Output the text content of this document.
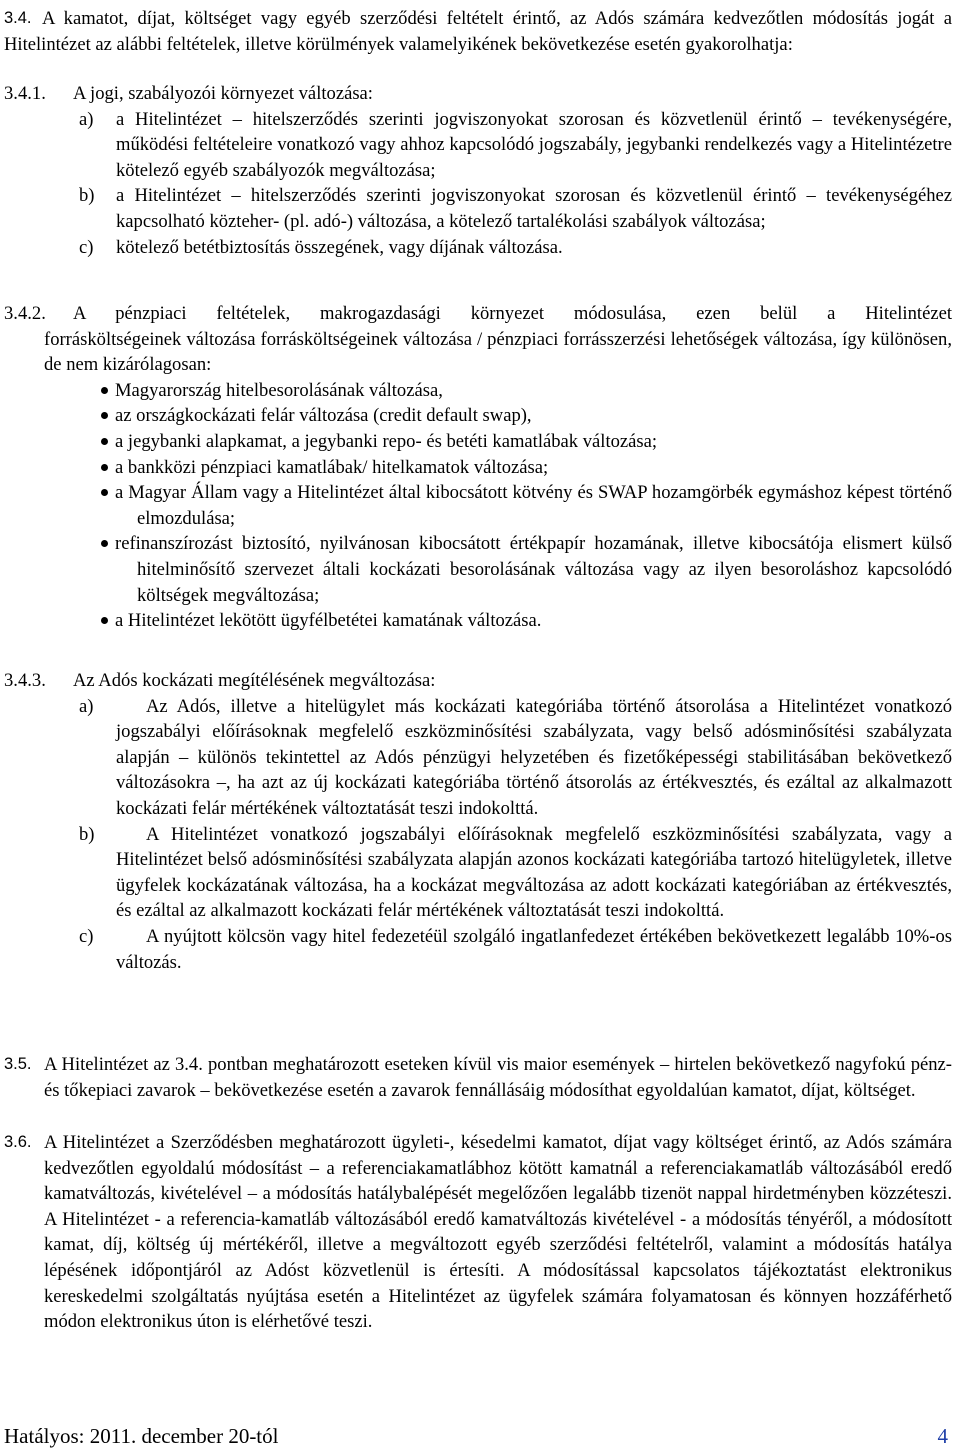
3.4. A kamatot, díjat, költséget vagy egyéb szerződési feltételt érintő, az Adós számára kedvezőtlen módosítás jogát a Hitelintézet az alábbi feltételek, illetve körülmények valamelyikének bekövetkezése esetén gyakorolhatja:
3.4.1. A jogi, szabályozói környezet változása:
a) a Hitelintézet – hitelszerződés szerinti jogviszonyokat szorosan és közvetlenül érintő – tevékenységére, működési feltételeire vonatkozó vagy ahhoz kapcsolódó jogszabály, jegybanki rendelkezés vagy a Hitelintézetre kötelező egyéb szabályozók megváltozása;
b) a Hitelintézet – hitelszerződés szerinti jogviszonyokat szorosan és közvetlenül érintő – tevékenységéhez kapcsolható közteher- (pl. adó-) változása, a kötelező tartalékolási szabályok változása;
c) kötelező betétbiztosítás összegének, vagy díjának változása.
3.4.2. A pénzpiaci feltételek, makrogazdasági környezet módosulása, ezen belül a Hitelintézet
forrásköltségeinek változása forrásköltségeinek változása / pénzpiaci forrásszerzési lehetőségek változása, így különösen, de nem kizárólagosan:
Magyarország hitelbesorolásának változása,
az országkockázati felár változása (credit default swap),
a jegybanki alapkamat, a jegybanki repo- és betéti kamatlábak változása;
a bankközi pénzpiaci kamatlábak/ hitelkamatok változása;
a Magyar Állam vagy a Hitelintézet által kibocsátott kötvény és SWAP hozamgörbék egymáshoz képest történő elmozdulása;
refinanszírozást biztosító, nyilvánosan kibocsátott értékpapír hozamának, illetve kibocsátója elismert külső hitelminősítő szervezet általi kockázati besorolásának változása vagy az ilyen besoroláshoz kapcsolódó költségek megváltozása;
a Hitelintézet lekötött ügyfélbetétei kamatának változása.
3.4.3. Az Adós kockázati megítélésének megváltozása:
a)	Az Adós, illetve a hitelügylet más kockázati kategóriába történő átsorolása a Hitelintézet vonatkozó jogszabályi előírásoknak megfelelő eszközminősítési szabályzata, vagy belső adósminősítési szabályzata alapján – különös tekintettel az Adós pénzügyi helyzetében és fizetőképességi stabilitásában bekövetkező változásokra –, ha azt az új kockázati kategóriába történő átsorolás az értékvesztés, és ezáltal az alkalmazott kockázati felár mértékének változtatását teszi indokolttá.
b)	A Hitelintézet vonatkozó jogszabályi előírásoknak megfelelő eszközminősítési szabályzata, vagy a Hitelintézet belső adósminősítési szabályzata alapján azonos kockázati kategóriába tartozó hitelügyletek, illetve ügyfelek kockázatának változása, ha a kockázat megváltozása az adott kockázati kategóriában az értékvesztés, és ezáltal az alkalmazott kockázati felár mértékének változtatását teszi indokolttá.
c)	A nyújtott kölcsön vagy hitel fedezetéül szolgáló ingatlanfedezet értékében bekövetkezett legalább 10%-os változás.
3.5. A Hitelintézet az 3.4. pontban meghatározott eseteken kívül vis maior események – hirtelen bekövetkező nagyfokú pénz- és tőkepiaci zavarok – bekövetkezése esetén a zavarok fennállásáig módosíthat egyoldalúan kamatot, díjat, költséget.
3.6. A Hitelintézet a Szerződésben meghatározott ügyleti-, késedelmi kamatot, díjat vagy költséget érintő, az Adós számára kedvezőtlen egyoldalú módosítást – a referenciakamatlábhoz kötött kamatnál a referenciakamatláb változásából eredő kamatváltozás, kivételével – a módosítás hatálybalépését megelőzően legalább tizenöt nappal hirdetményben közzéteszi. A Hitelintézet - a referencia-kamatláb változásából eredő kamatváltozás kivételével - a módosítás tényéről, a módosított kamat, díj, költség új mértékéről, illetve a megváltozott egyéb szerződési feltételről, valamint a módosítás hatálya lépésének időpontjáról az Adóst közvetlenül is értesíti. A módosítással kapcsolatos tájékoztatást elektronikus kereskedelmi szolgáltatás nyújtása esetén a Hitelintézet az ügyfelek számára folyamatosan és könnyen hozzáférhető módon elektronikus úton is elérhetővé teszi.
Hatályos: 2011. december 20-tól	4
